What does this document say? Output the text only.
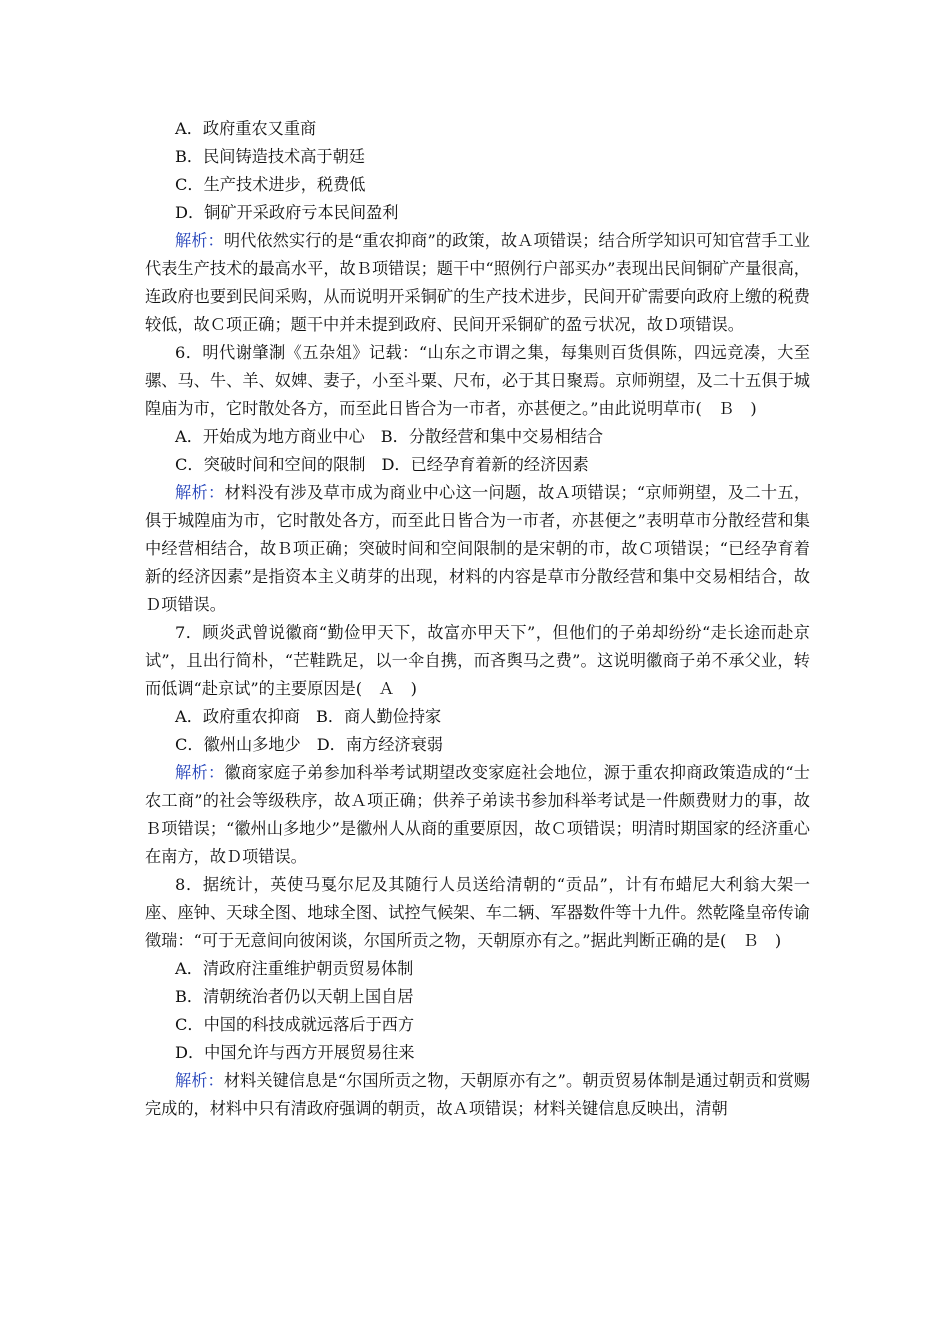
A．政府重农又重商
B．民间铸造技术高于朝廷
C．生产技术进步，税费低
D．铜矿开采政府亏本民间盈利
解析：明代依然实行的是“重农抑商”的政策，故Ａ项错误；结合所学知识可知官营手工业代表生产技术的最高水平，故Ｂ项错误；题干中“照例行户部买办”表现出民间铜矿产量很高，连政府也要到民间采购，从而说明开采铜矿的生产技术进步，民间开矿需要向政府上缴的税费较低，故Ｃ项正确；题干中并未提到政府、民间开采铜矿的盈亏状况，故Ｄ项错误。
6．明代谢肇淛《五杂俎》记载：“山东之市谓之集，每集则百货俱陈，四远竞凑，大至骡、马、牛、羊、奴婢、妻子，小至斗粟、尺布，必于其日聚焉。京师朔望，及二十五俱于城隍庙为市，它时散处各方，而至此日皆合为一市者，亦甚便之。”由此说明草市(　Ｂ　)
A．开始成为地方商业中心 B．分散经营和集中交易相结合
C．突破时间和空间的限制 D．已经孕育着新的经济因素
解析：材料没有涉及草市成为商业中心这一问题，故Ａ项错误；“京师朔望，及二十五，俱于城隍庙为市，它时散处各方，而至此日皆合为一市者，亦甚便之”表明草市分散经营和集中经营相结合，故Ｂ项正确；突破时间和空间限制的是宋朝的市，故Ｃ项错误；“已经孕育着新的经济因素”是指资本主义萌芽的出现，材料的内容是草市分散经营和集中交易相结合，故Ｄ项错误。
7．顾炎武曾说徽商“勤俭甲天下，故富亦甲天下”，但他们的子弟却纷纷“走长途而赴京试”，且出行简朴，“芒鞋跣足，以一伞自携，而吝舆马之费”。这说明徽商子弟不承父业，转而低调“赴京试”的主要原因是(　Ａ　)
A．政府重农抑商 B．商人勤俭持家
C．徽州山多地少 D．南方经济衰弱
解析：徽商家庭子弟参加科举考试期望改变家庭社会地位，源于重农抑商政策造成的“士农工商”的社会等级秩序，故Ａ项正确；供养子弟读书参加科举考试是一件颇费财力的事，故Ｂ项错误；“徽州山多地少”是徽州人从商的重要原因，故Ｃ项错误；明清时期国家的经济重心在南方，故Ｄ项错误。
8．据统计，英使马戛尔尼及其随行人员送给清朝的“贡品”，计有布蜡尼大利翁大架一座、座钟、天球全图、地球全图、试控气候架、车二辆、军器数件等十九件。然乾隆皇帝传谕徵瑞：“可于无意间向彼闲谈，尔国所贡之物，天朝原亦有之。”据此判断正确的是(　Ｂ　)
A．清政府注重维护朝贡贸易体制
B．清朝统治者仍以天朝上国自居
C．中国的科技成就远落后于西方
D．中国允许与西方开展贸易往来
解析：材料关键信息是“尔国所贡之物，天朝原亦有之”。朝贡贸易体制是通过朝贡和赏赐完成的，材料中只有清政府强调的朝贡，故Ａ项错误；材料关键信息反映出，清朝
